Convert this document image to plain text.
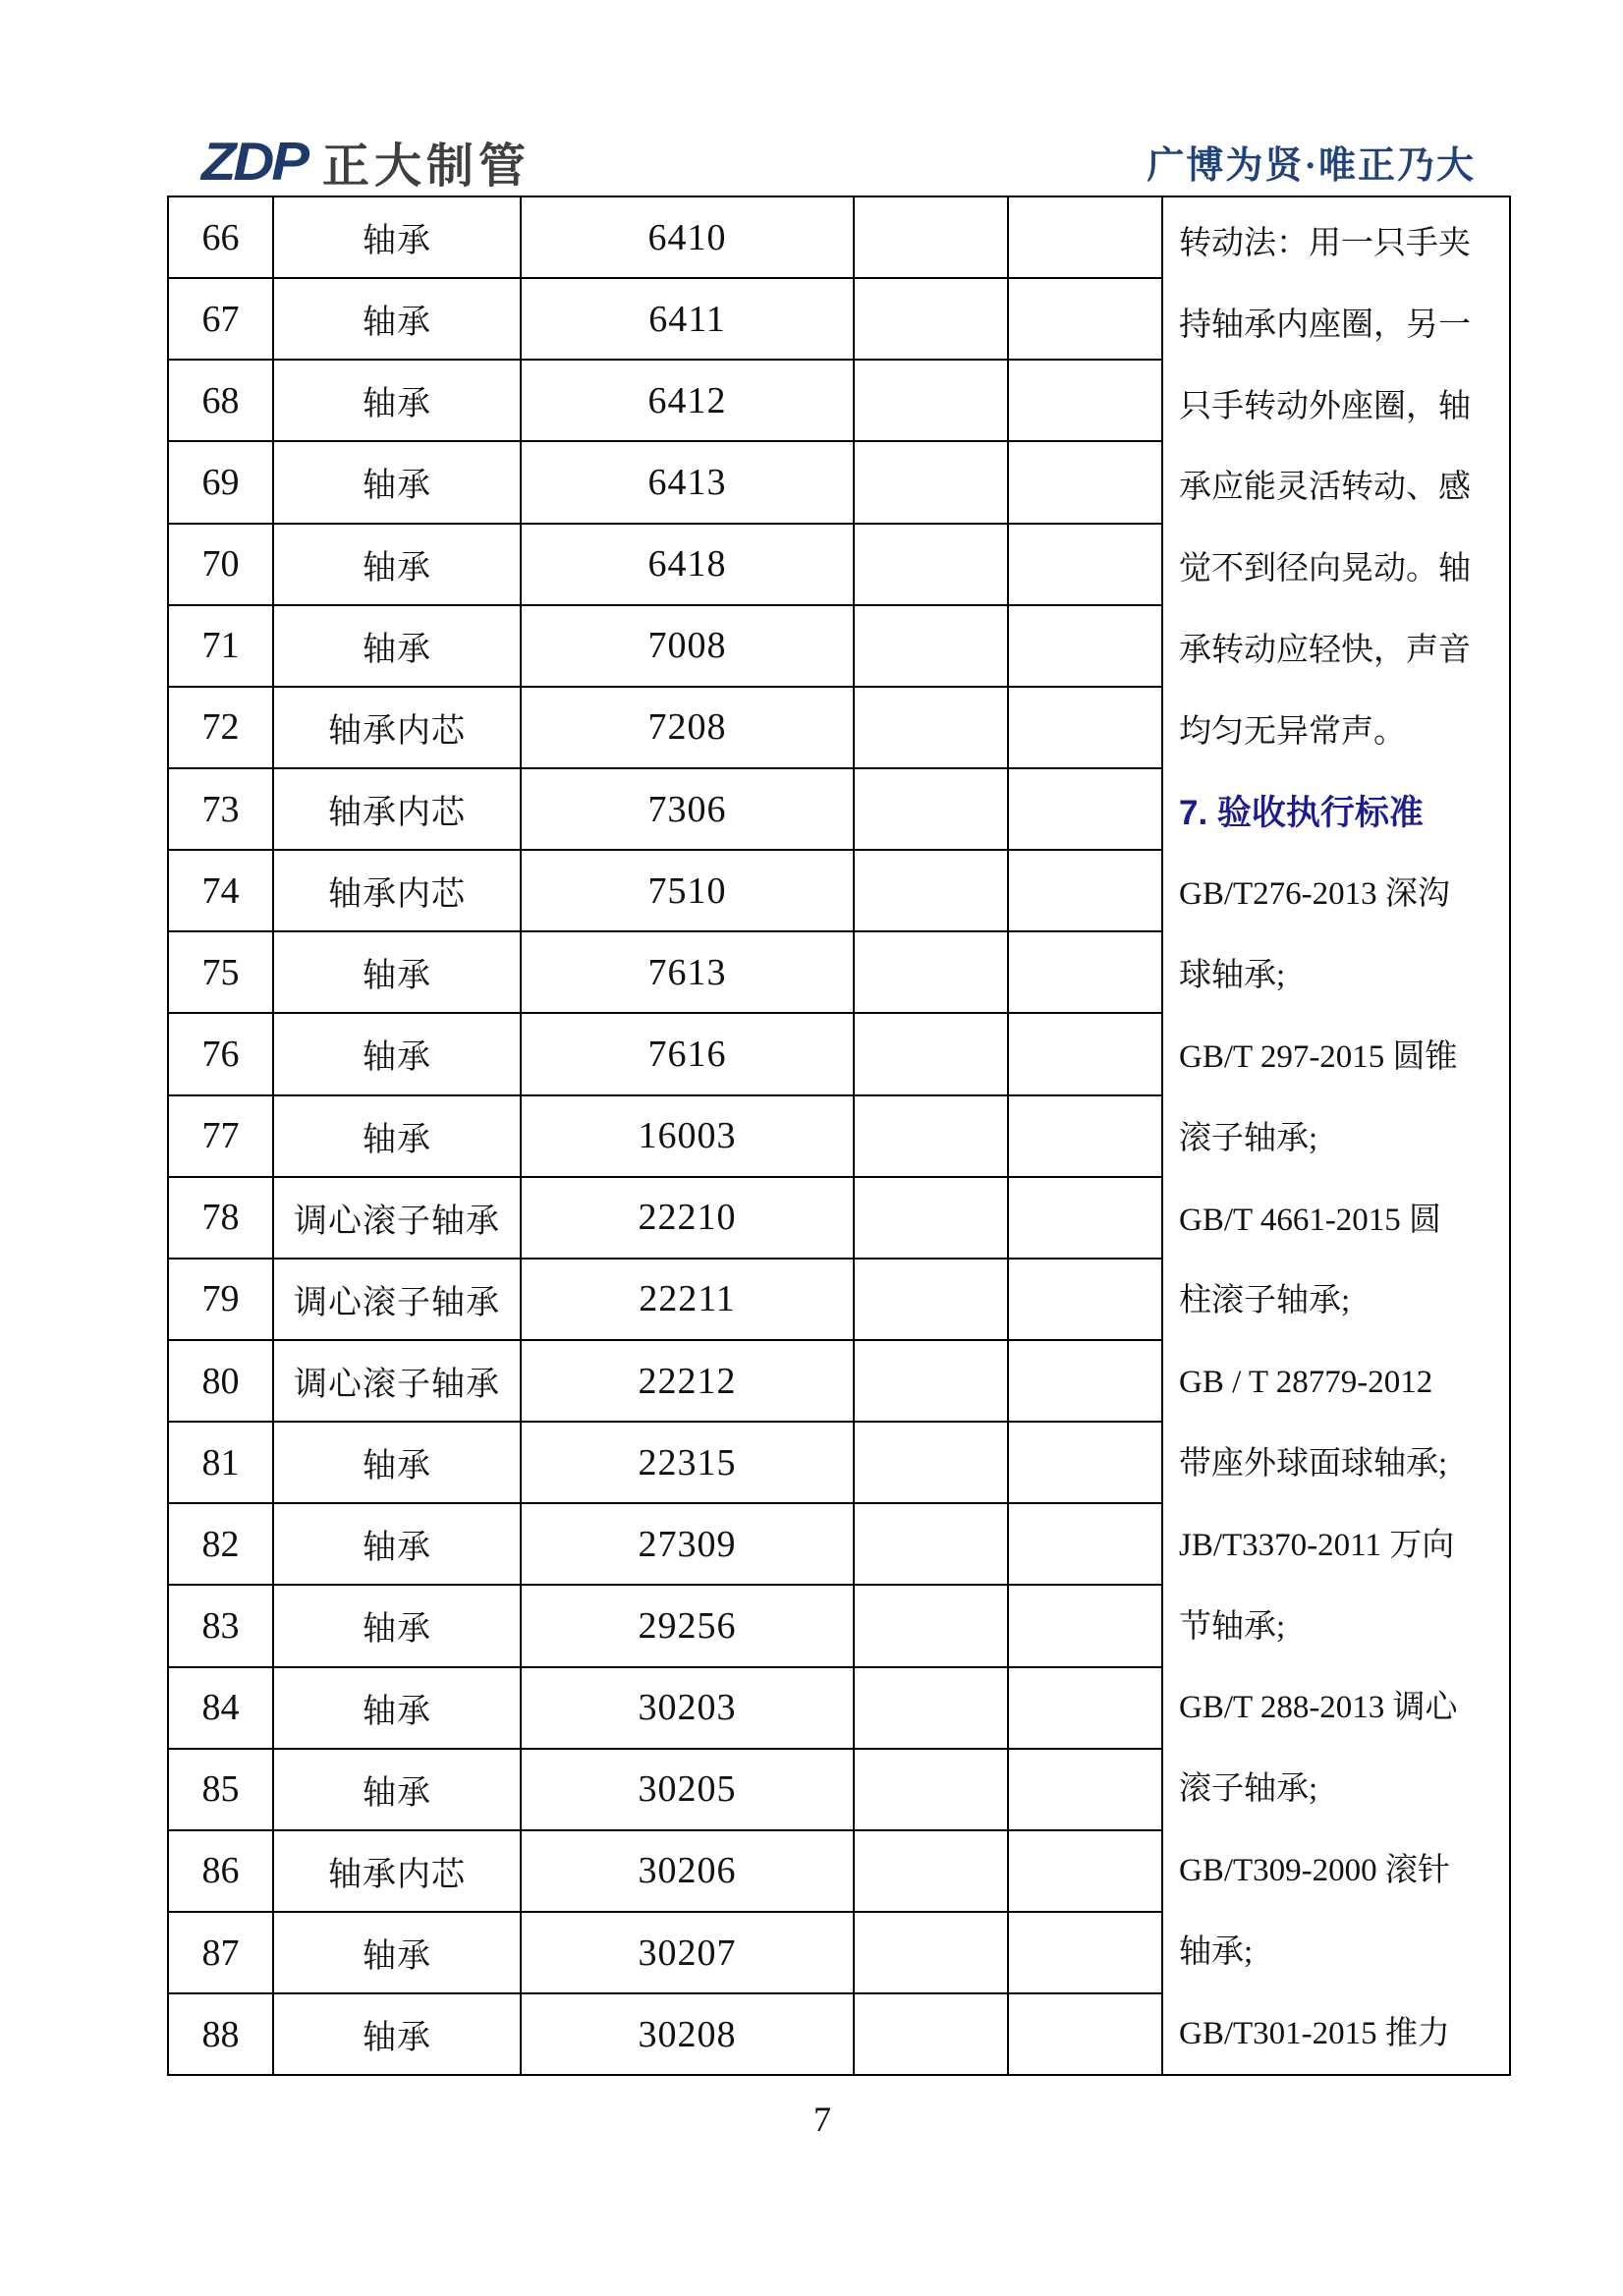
ZDP 正大制管	广博为贤·唯正乃大
66	轴承	6410			转动法：用一只手夹
持轴承内座圈，另一
只手转动外座圈，轴
承应能灵活转动、感
觉不到径向晃动。轴
承转动应轻快，声音
均匀无异常声。
7. 验收执行标准
GB/T276-2013 深沟
球轴承;
GB/T 297-2015 圆锥
滚子轴承;
GB/T 4661-2015 圆
柱滚子轴承;
GB / T 28779-2012
带座外球面球轴承;
JB/T3370-2011 万向
节轴承;
GB/T 288-2013 调心
滚子轴承;
GB/T309-2000 滚针
轴承;
GB/T301-2015 推力

67	轴承	6411			
68	轴承	6412			
69	轴承	6413			
70	轴承	6418			
71	轴承	7008			
72	轴承内芯	7208			
73	轴承内芯	7306			
74	轴承内芯	7510			
75	轴承	7613			
76	轴承	7616			
77	轴承	16003			
78	调心滚子轴承	22210			
79	调心滚子轴承	22211			
80	调心滚子轴承	22212			
81	轴承	22315			
82	轴承	27309			
83	轴承	29256			
84	轴承	30203			
85	轴承	30205			
86	轴承内芯	30206			
87	轴承	30207			
88	轴承	30208			
7
